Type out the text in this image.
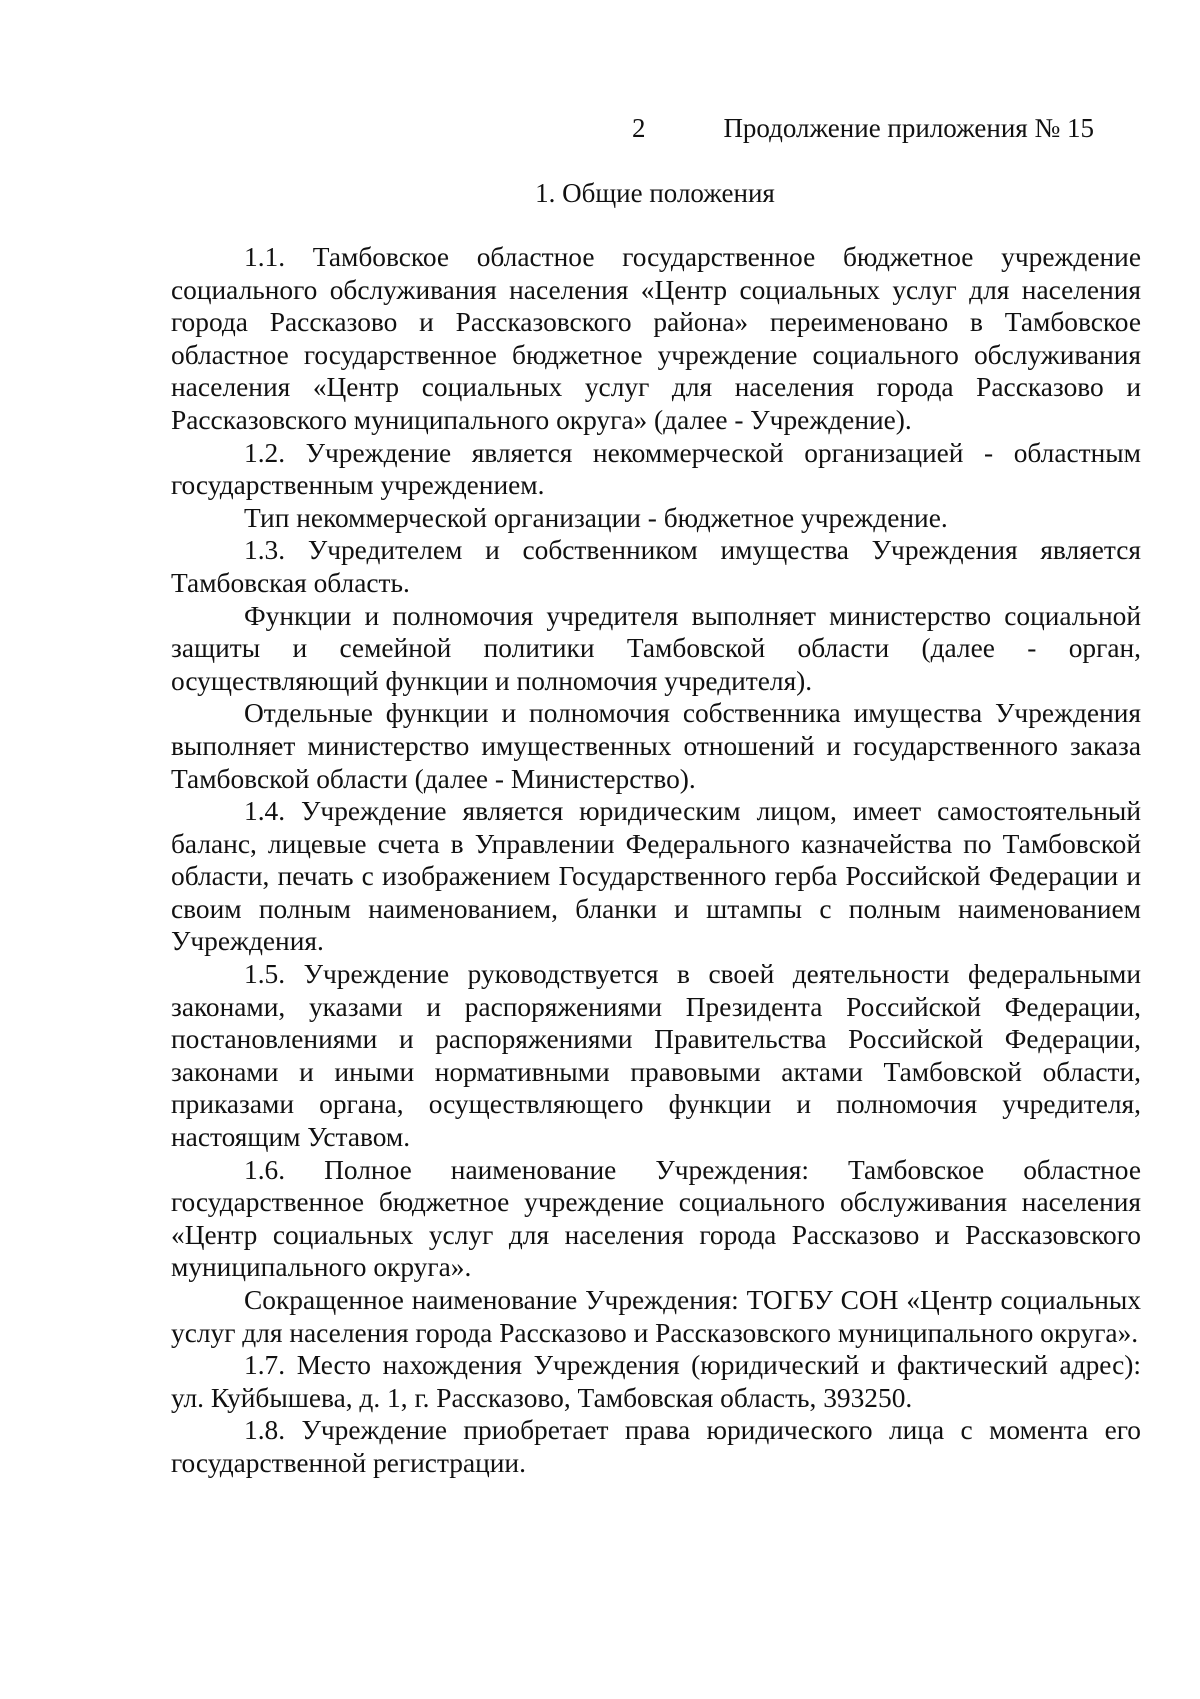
2	Продолжение приложения № 15
1. Общие положения

1.1. Тамбовское областное государственное бюджетное учреждение социального обслуживания населения «Центр социальных услуг для населения города Рассказово и Рассказовского района» переименовано в Тамбовское областное государственное бюджетное учреждение социального обслуживания населения «Центр социальных услуг для населения города Рассказово и Рассказовского муниципального округа» (далее - Учреждение).

1.2. Учреждение является некоммерческой организацией - областным государственным учреждением.

Тип некоммерческой организации - бюджетное учреждение.

1.3. Учредителем и собственником имущества Учреждения является Тамбовская область.

Функции и полномочия учредителя выполняет министерство социальной защиты и семейной политики Тамбовской области (далее - орган, осуществляющий функции и полномочия учредителя).

Отдельные функции и полномочия собственника имущества Учреждения выполняет министерство имущественных отношений и государственного заказа Тамбовской области (далее - Министерство).

1.4. Учреждение является юридическим лицом, имеет самостоятельный баланс, лицевые счета в Управлении Федерального казначейства по Тамбовской области, печать с изображением Государственного герба Российской Федерации и своим полным наименованием, бланки и штампы с полным наименованием Учреждения.

1.5. Учреждение руководствуется в своей деятельности федеральными законами, указами и распоряжениями Президента Российской Федерации, постановлениями и распоряжениями Правительства Российской Федерации, законами и иными нормативными правовыми актами Тамбовской области, приказами органа, осуществляющего функции и полномочия учредителя, настоящим Уставом.

1.6. Полное наименование Учреждения: Тамбовское областное государственное бюджетное учреждение социального обслуживания населения «Центр социальных услуг для населения города Рассказово и Рассказовского муниципального округа».

Сокращенное наименование Учреждения: ТОГБУ СОН «Центр социальных услуг для населения города Рассказово и Рассказовского муниципального округа».

1.7. Место нахождения Учреждения (юридический и фактический адрес): ул. Куйбышева, д. 1, г. Рассказово, Тамбовская область, 393250.

1.8. Учреждение приобретает права юридического лица с момента его государственной регистрации.
